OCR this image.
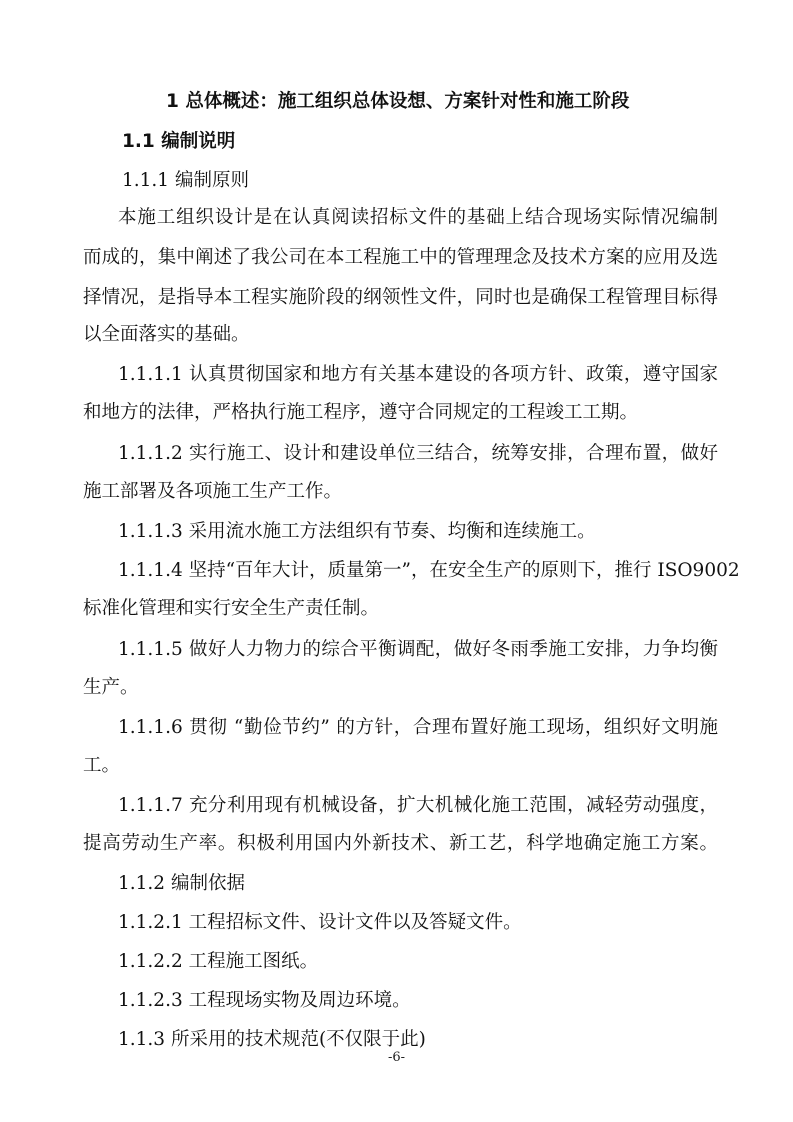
1 总体概述：施工组织总体设想、方案针对性和施工阶段
1.1 编制说明
1.1.1 编制原则
本施工组织设计是在认真阅读招标文件的基础上结合现场实际情况编制
而成的，集中阐述了我公司在本工程施工中的管理理念及技术方案的应用及选
择情况，是指导本工程实施阶段的纲领性文件，同时也是确保工程管理目标得
以全面落实的基础。
1.1.1.1 认真贯彻国家和地方有关基本建设的各项方针、政策，遵守国家
和地方的法律，严格执行施工程序，遵守合同规定的工程竣工工期。
1.1.1.2 实行施工、设计和建设单位三结合，统筹安排，合理布置，做好
施工部署及各项施工生产工作。
1.1.1.3 采用流水施工方法组织有节奏、均衡和连续施工。
1.1.1.4 坚持“百年大计，质量第一”，在安全生产的原则下，推行 ISO9002
标准化管理和实行安全生产责任制。
1.1.1.5 做好人力物力的综合平衡调配，做好冬雨季施工安排，力争均衡
生产。
1.1.1.6 贯彻 “勤俭节约” 的方针，合理布置好施工现场，组织好文明施
工。
1.1.1.7 充分利用现有机械设备，扩大机械化施工范围，减轻劳动强度，
提高劳动生产率。积极利用国内外新技术、新工艺，科学地确定施工方案。
1.1.2 编制依据
1.1.2.1 工程招标文件、设计文件以及答疑文件。
1.1.2.2 工程施工图纸。
1.1.2.3 工程现场实物及周边环境。
1.1.3 所采用的技术规范(不仅限于此)
-6-
